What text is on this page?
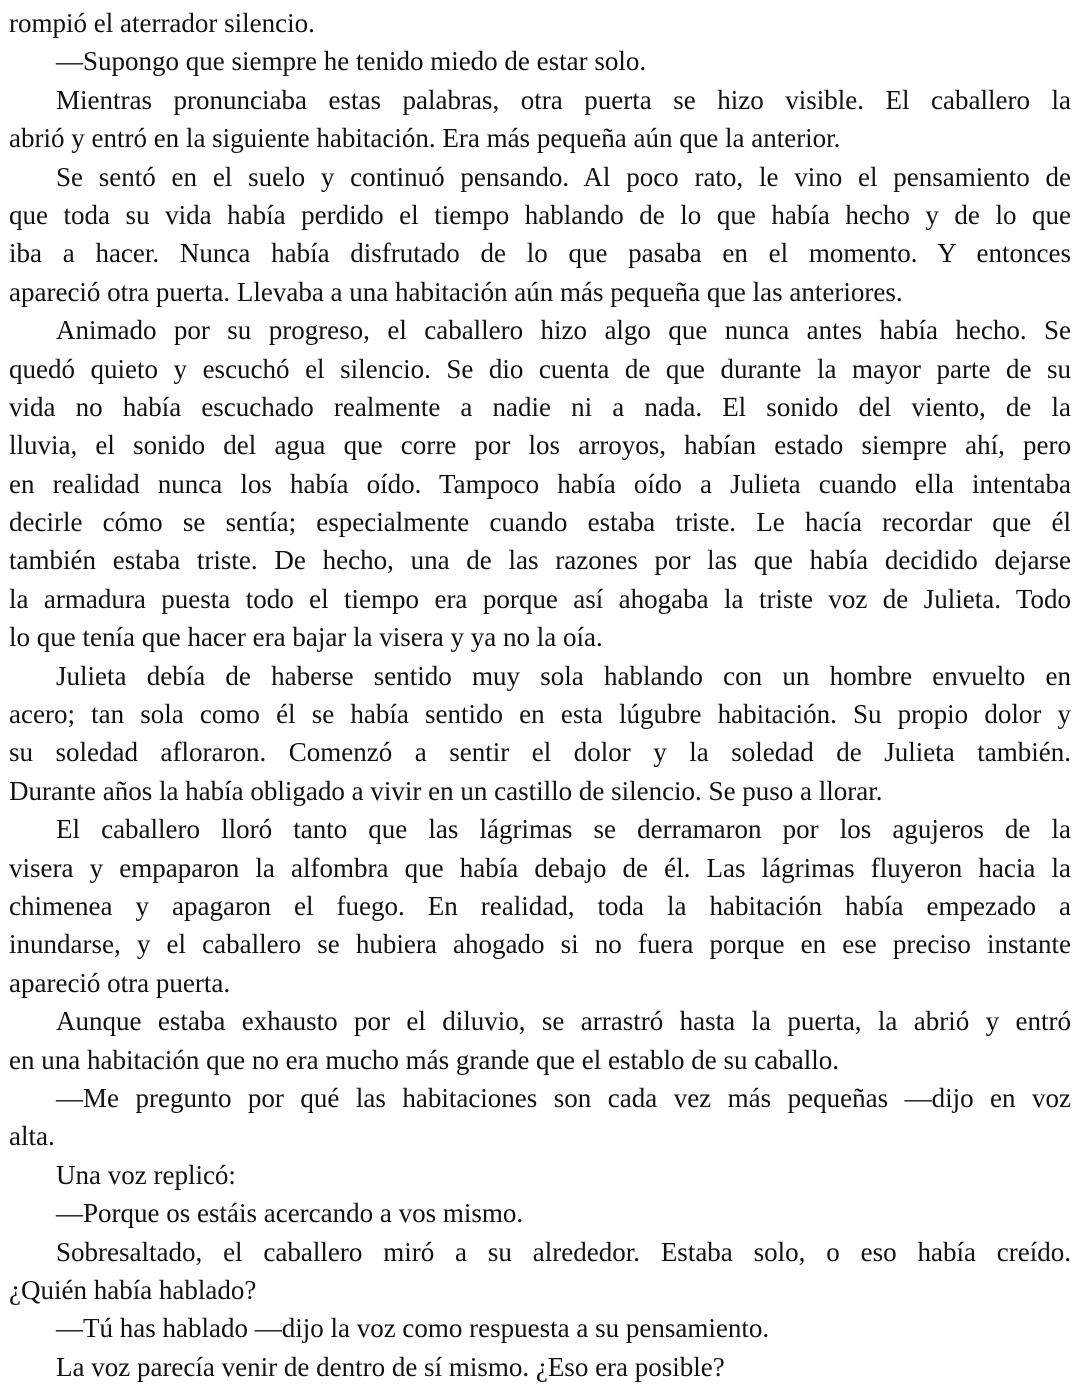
rompió el aterrador silencio.
—Supongo que siempre he tenido miedo de estar solo.
Mientras pronunciaba estas palabras, otra puerta se hizo visible. El caballero la
abrió y entró en la siguiente habitación. Era más pequeña aún que la anterior.
Se sentó en el suelo y continuó pensando. Al poco rato, le vino el pensamiento de
que toda su vida había perdido el tiempo hablando de lo que había hecho y de lo que
iba a hacer. Nunca había disfrutado de lo que pasaba en el momento. Y entonces
apareció otra puerta. Llevaba a una habitación aún más pequeña que las anteriores.
Animado por su progreso, el caballero hizo algo que nunca antes había hecho. Se
quedó quieto y escuchó el silencio. Se dio cuenta de que durante la mayor parte de su
vida no había escuchado realmente a nadie ni a nada. El sonido del viento, de la
lluvia, el sonido del agua que corre por los arroyos, habían estado siempre ahí, pero
en realidad nunca los había oído. Tampoco había oído a Julieta cuando ella intentaba
decirle cómo se sentía; especialmente cuando estaba triste. Le hacía recordar que él
también estaba triste. De hecho, una de las razones por las que había decidido dejarse
la armadura puesta todo el tiempo era porque así ahogaba la triste voz de Julieta. Todo
lo que tenía que hacer era bajar la visera y ya no la oía.
Julieta debía de haberse sentido muy sola hablando con un hombre envuelto en
acero; tan sola como él se había sentido en esta lúgubre habitación. Su propio dolor y
su soledad afloraron. Comenzó a sentir el dolor y la soledad de Julieta también.
Durante años la había obligado a vivir en un castillo de silencio. Se puso a llorar.
El caballero lloró tanto que las lágrimas se derramaron por los agujeros de la
visera y empaparon la alfombra que había debajo de él. Las lágrimas fluyeron hacia la
chimenea y apagaron el fuego. En realidad, toda la habitación había empezado a
inundarse, y el caballero se hubiera ahogado si no fuera porque en ese preciso instante
apareció otra puerta.
Aunque estaba exhausto por el diluvio, se arrastró hasta la puerta, la abrió y entró
en una habitación que no era mucho más grande que el establo de su caballo.
—Me pregunto por qué las habitaciones son cada vez más pequeñas —dijo en voz
alta.
Una voz replicó:
—Porque os estáis acercando a vos mismo.
Sobresaltado, el caballero miró a su alrededor. Estaba solo, o eso había creído.
¿Quién había hablado?
—Tú has hablado —dijo la voz como respuesta a su pensamiento.
La voz parecía venir de dentro de sí mismo. ¿Eso era posible?
